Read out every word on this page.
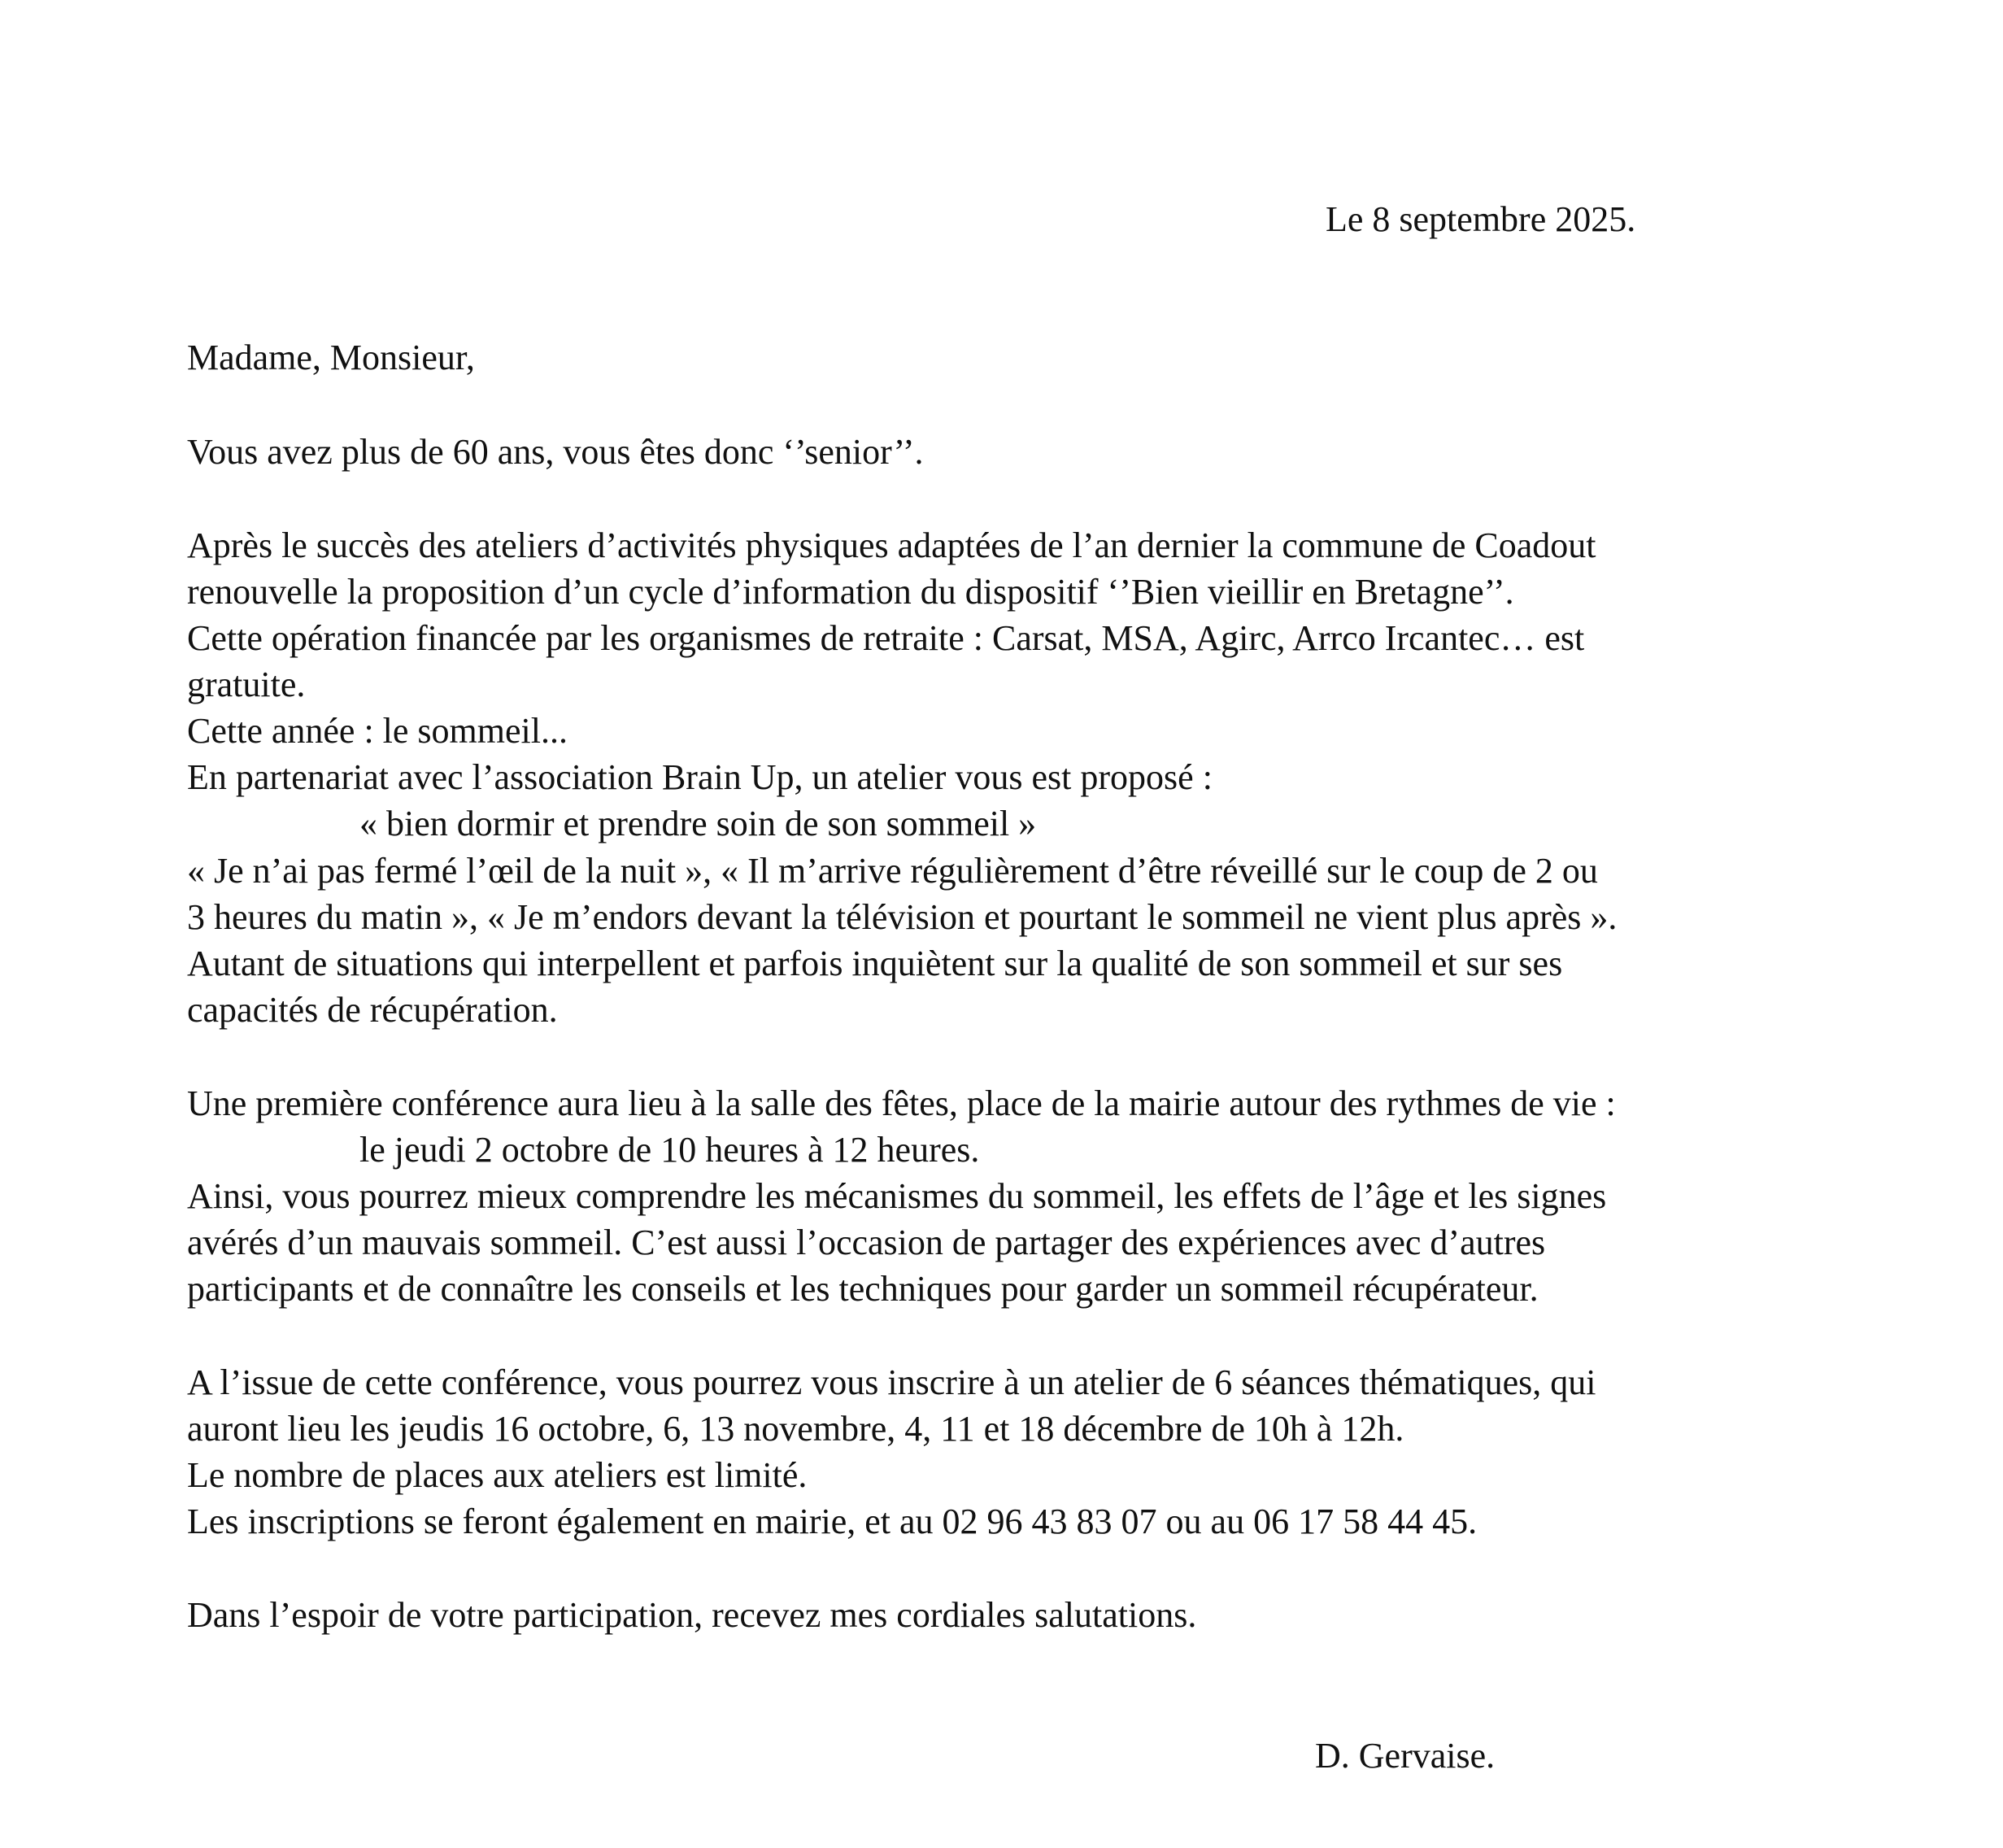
Le 8 septembre 2025.
Madame, Monsieur,
Vous avez plus de 60 ans, vous êtes donc ‘’senior’’.
Après le succès des ateliers d’activités physiques adaptées de l’an dernier la commune de Coadout
renouvelle la proposition d’un cycle d’information du dispositif ‘’Bien vieillir en Bretagne’’.
Cette opération financée par les organismes de retraite : Carsat, MSA, Agirc, Arrco Ircantec… est
gratuite.
Cette année : le sommeil...
En partenariat avec l’association Brain Up, un atelier vous est proposé :
« bien dormir et prendre soin de son sommeil »
« Je n’ai pas fermé l’œil de la nuit », « Il m’arrive régulièrement d’être réveillé sur le coup de 2 ou
3 heures du matin », « Je m’endors devant la télévision et pourtant le sommeil ne vient plus après ».
Autant de situations qui interpellent et parfois inquiètent sur la qualité de son sommeil et sur ses
capacités de récupération.
Une première conférence aura lieu à la salle des fêtes, place de la mairie autour des rythmes de vie :
le jeudi 2 octobre de 10 heures à 12 heures.
Ainsi, vous pourrez mieux comprendre les mécanismes du sommeil, les effets de l’âge et les signes
avérés d’un mauvais sommeil. C’est aussi l’occasion de partager des expériences avec d’autres
participants et de connaître les conseils et les techniques pour garder un sommeil récupérateur.
A l’issue de cette conférence, vous pourrez vous inscrire à un atelier de 6 séances thématiques, qui
auront lieu les jeudis 16 octobre, 6, 13 novembre, 4, 11 et 18 décembre de 10h à 12h.
Le nombre de places aux ateliers est limité.
Les inscriptions se feront également en mairie, et au 02 96 43 83 07 ou au 06 17 58 44 45.
Dans l’espoir de votre participation, recevez mes cordiales salutations.
D. Gervaise.
